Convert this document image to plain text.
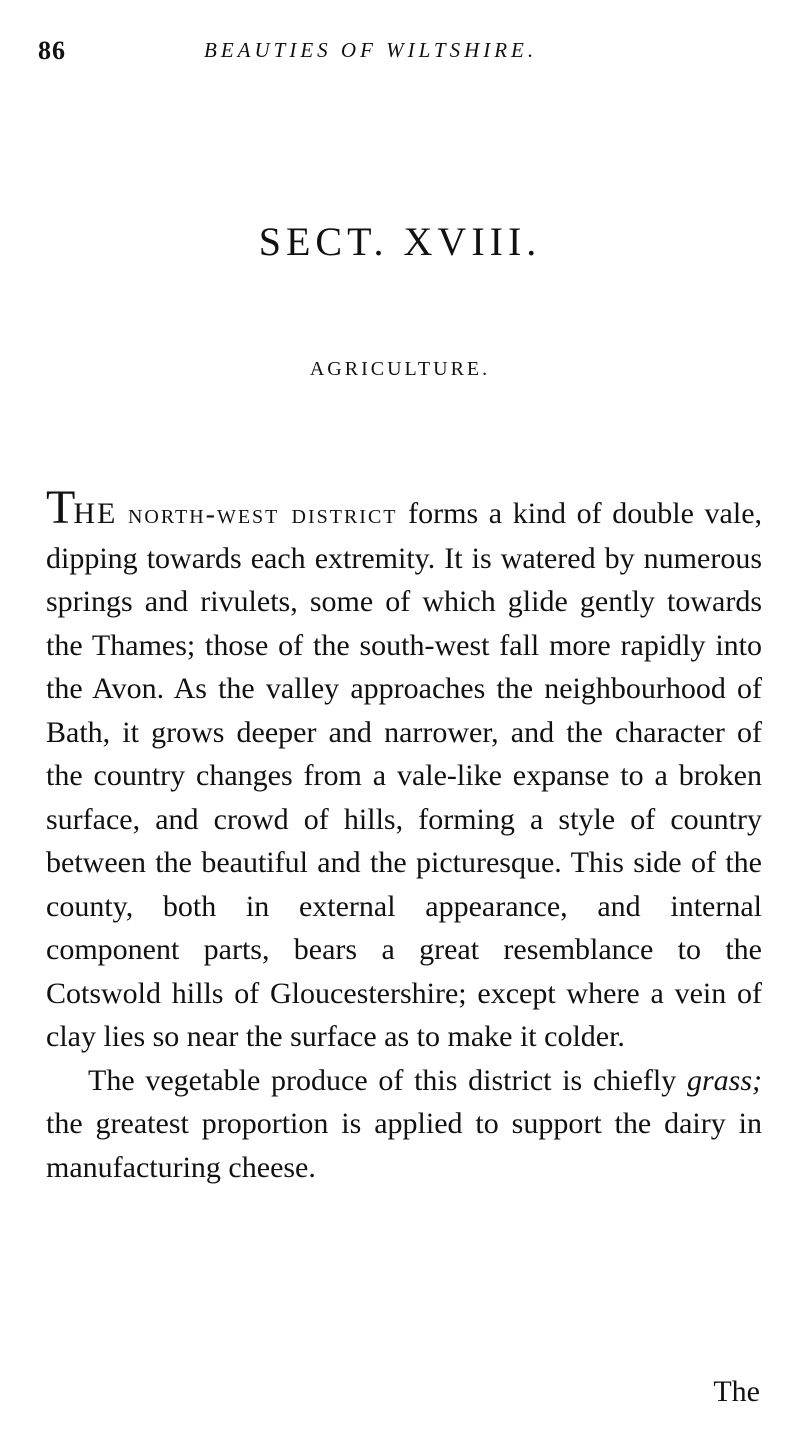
86	BEAUTIES OF WILTSHIRE.
SECT. XVIII.
AGRICULTURE.

THE north-west district forms a kind of double vale, dipping towards each extremity. It is watered by numerous springs and rivulets, some of which glide gently towards the Thames; those of the south-west fall more rapidly into the Avon. As the valley approaches the neighbourhood of Bath, it grows deeper and narrower, and the character of the country changes from a vale-like expanse to a broken surface, and crowd of hills, forming a style of country between the beautiful and the picturesque. This side of the county, both in external appearance, and internal component parts, bears a great resemblance to the Cotswold hills of Gloucestershire; except where a vein of clay lies so near the surface as to make it colder.

The vegetable produce of this district is chiefly grass; the greatest proportion is applied to support the dairy in manufacturing cheese.

The
